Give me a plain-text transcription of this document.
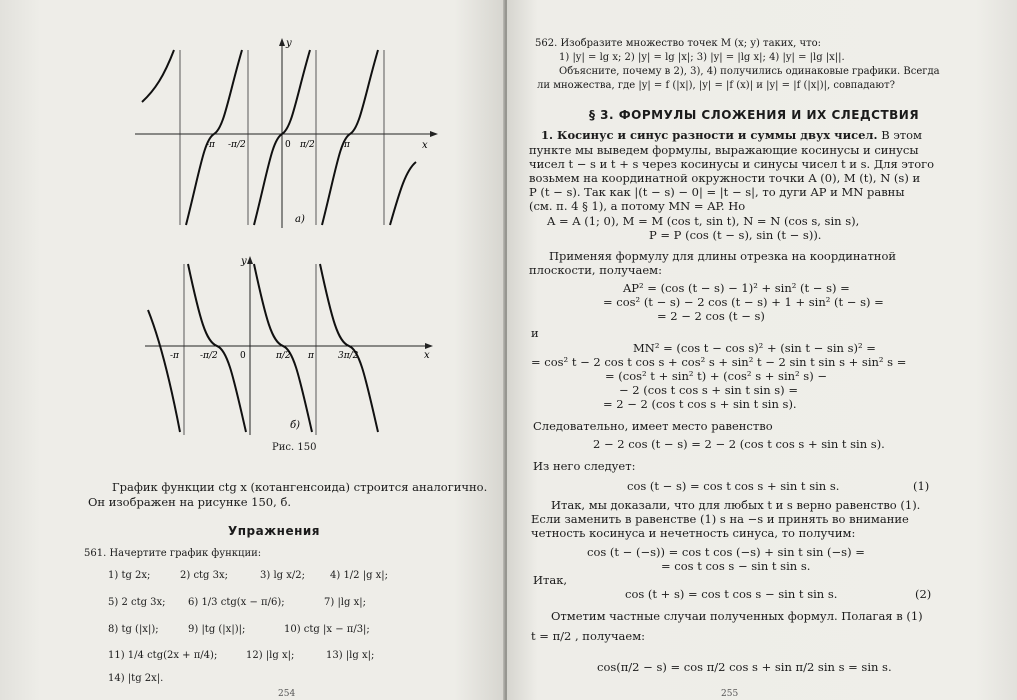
y
x
0
-π -π/2	π/2	π
а)
y
x
0
-π -π/2	π/2 π	3π/2
б)
Рис. 150
График функции ctg x (котангенсоида) строится аналогично.
Он изображен на рисунке 150, б.
Упражнения
561. Начертите график функции:
1) tg 2x;	2) ctg 3x;	3) lg x/2;	4) 1/2 |g x|;
5) 2 ctg 3x; 6) 1/3 ctg(x − π/6);	7) |lg x|;
8) tg (|x|);	9) |tg (|x|)|;	10) ctg |x − π/3|;
11) 1/4 ctg(2x + π/4);	12) |lg x|;	13) |lg x|;
14) |tg 2x|.
254
562. Изобразите множество точек M (x; y) таких, что:
1) |y| = lg x; 2) |y| = lg |x|; 3) |y| = |lg x|; 4) |y| = |lg |x||.
Объясните, почему в 2), 3), 4) получились одинаковые графики. Всегда
ли множества, где |y| = f (|x|), |y| = |f (x)| и |y| = |f (|x|)|, совпадают?
§ 3. ФОРМУЛЫ СЛОЖЕНИЯ И ИХ СЛЕДСТВИЯ
1. Косинус и синус разности и суммы двух чисел. В этом
пункте мы выведем формулы, выражающие косинусы и синусы
чисел t − s и t + s через косинусы и синусы чисел t и s. Для этого
возьмем на координатной окружности точки A (0), M (t), N (s) и
P (t − s). Так как |(t − s) − 0| = |t − s|, то дуги AP и MN равны
(см. п. 4 § 1), а потому MN = AP. Но
A = A (1; 0), M = M (cos t, sin t), N = N (cos s, sin s),
P = P (cos (t − s), sin (t − s)).
Применяя формулу для длины отрезка на координатной
плоскости, получаем:
AP² = (cos (t − s) − 1)² + sin² (t − s) =
= cos² (t − s) − 2 cos (t − s) + 1 + sin² (t − s) =
= 2 − 2 cos (t − s)
и
MN² = (cos t − cos s)² + (sin t − sin s)² =
= cos² t − 2 cos t cos s + cos² s + sin² t − 2 sin t sin s + sin² s =
= (cos² t + sin² t) + (cos² s + sin² s) −
− 2 (cos t cos s + sin t sin s) =
= 2 − 2 (cos t cos s + sin t sin s).
Следовательно, имеет место равенство
2 − 2 cos (t − s) = 2 − 2 (cos t cos s + sin t sin s).
Из него следует:
cos (t − s) = cos t cos s + sin t sin s.	(1)
Итак, мы доказали, что для любых t и s верно равенство (1).
Если заменить в равенстве (1) s на −s и принять во внимание
четность косинуса и нечетность синуса, то получим:
cos (t − (−s)) = cos t cos (−s) + sin t sin (−s) =
= cos t cos s − sin t sin s.
Итак,
cos (t + s) = cos t cos s − sin t sin s.	(2)
Отметим частные случаи полученных формул. Полагая в (1)
t = π/2 , получаем:
cos(π/2 − s) = cos π/2 cos s + sin π/2 sin s = sin s.
255
